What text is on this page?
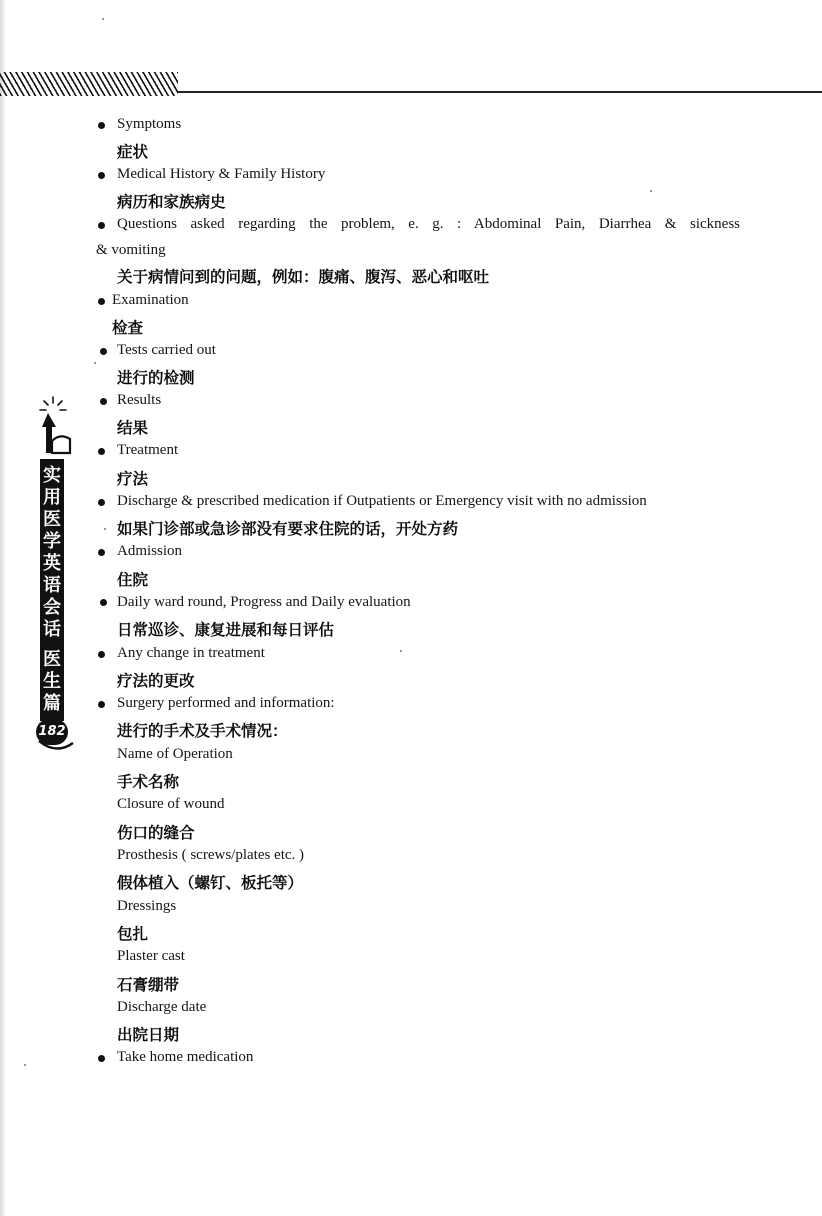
实
用
医
学
英
语
会
话
医
生
篇
182
Symptoms
症状
Medical History & Family History
病历和家族病史
Questions asked regarding the problem, e. g. : Abdominal Pain, Diarrhea & sickness
& vomiting
关于病情问到的问题，例如：腹痛、腹泻、恶心和呕吐
Examination
检查
Tests carried out
进行的检测
Results
结果
Treatment
疗法
Discharge & prescribed medication if Outpatients or Emergency visit with no admission
如果门诊部或急诊部没有要求住院的话，开处方药
Admission
住院
Daily ward round, Progress and Daily evaluation
日常巡诊、康复进展和每日评估
Any change in treatment
疗法的更改
Surgery performed and information:
进行的手术及手术情况：
Name of Operation
手术名称
Closure of wound
伤口的缝合
Prosthesis ( screws/plates etc. )
假体植入（螺钉、板托等）
Dressings
包扎
Plaster cast
石膏绷带
Discharge date
出院日期
Take home medication
